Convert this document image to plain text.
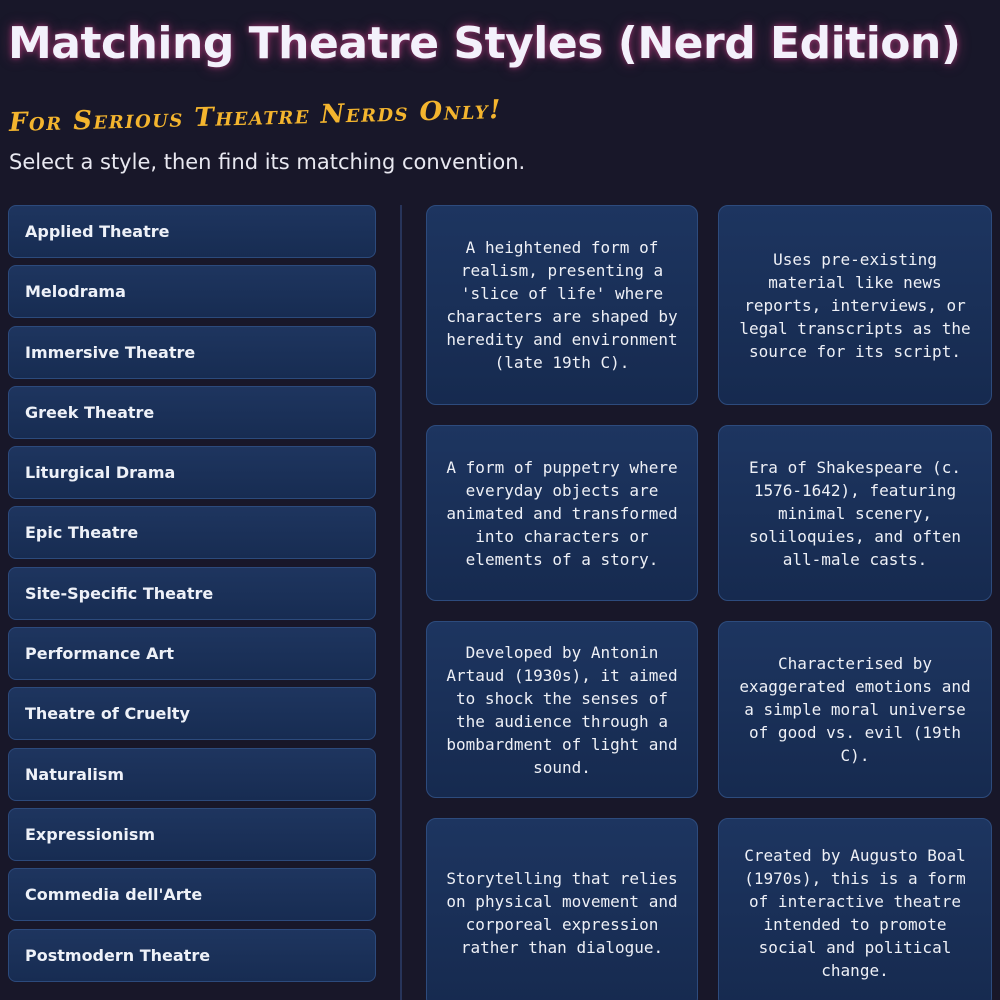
Matching Theatre Styles (Nerd Edition)
For Serious Theatre Nerds Only!

Select a style, then find its matching convention.

Applied Theatre
Melodrama
Immersive Theatre
Greek Theatre
Liturgical Drama
Epic Theatre
Site-Specific Theatre
Performance Art
Theatre of Cruelty
Naturalism
Expressionism
Commedia dell'Arte
Postmodern Theatre
A heightened form of realism, presenting a 'slice of life' where characters are shaped by heredity and environment (late 19th C).
Uses pre-existing material like news reports, interviews, or legal transcripts as the source for its script.
A form of puppetry where everyday objects are animated and transformed into characters or elements of a story.
Era of Shakespeare (c. 1576-1642), featuring minimal scenery, soliloquies, and often all-male casts.
Developed by Antonin Artaud (1930s), it aimed to shock the senses of the audience through a bombardment of light and sound.
Characterised by exaggerated emotions and a simple moral universe of good vs. evil (19th C).
Storytelling that relies on physical movement and corporeal expression rather than dialogue.
Created by Augusto Boal (1970s), this is a form of interactive theatre intended to promote social and political change.
